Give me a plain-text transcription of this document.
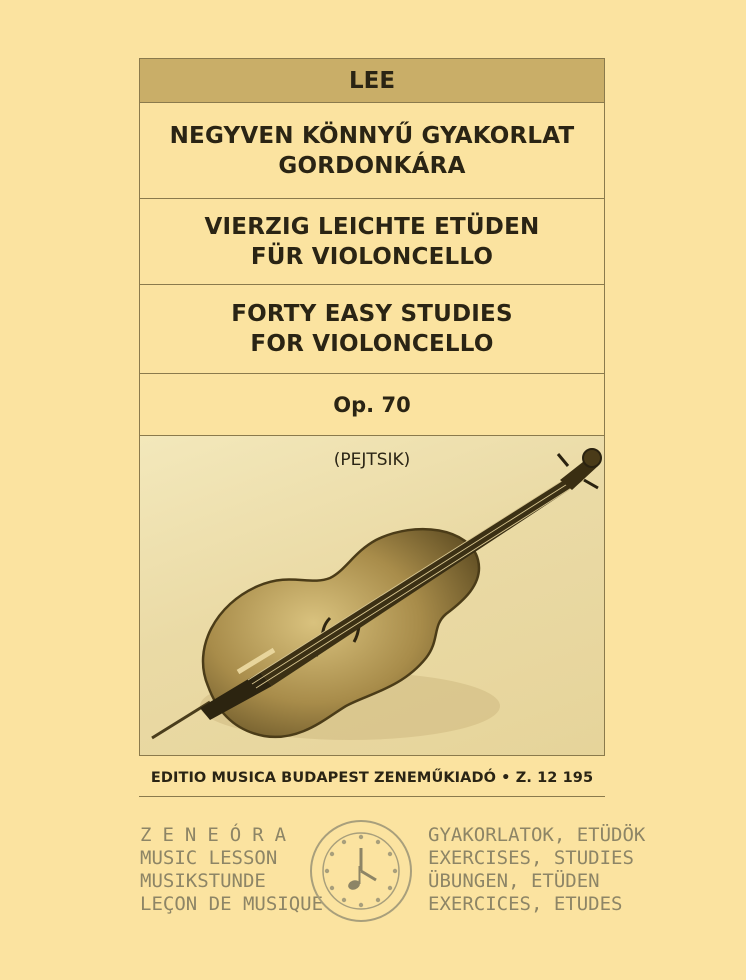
LEE
NEGYVEN KÖNNYŰ GYAKORLAT
GORDONKÁRA
VIERZIG LEICHTE ETÜDEN
FÜR VIOLONCELLO
FORTY EASY STUDIES
FOR VIOLONCELLO
Op. 70
(PEJTSIK)
EDITIO MUSICA BUDAPEST ZENEMŰKIADÓ • Z. 12 195
ZENEÓRA
MUSIC LESSON
MUSIKSTUNDE
LEÇON DE MUSIQUE
GYAKORLATOK, ETÜDÖK
EXERCISES, STUDIES
ÜBUNGEN, ETÜDEN
EXERCICES, ETUDES
